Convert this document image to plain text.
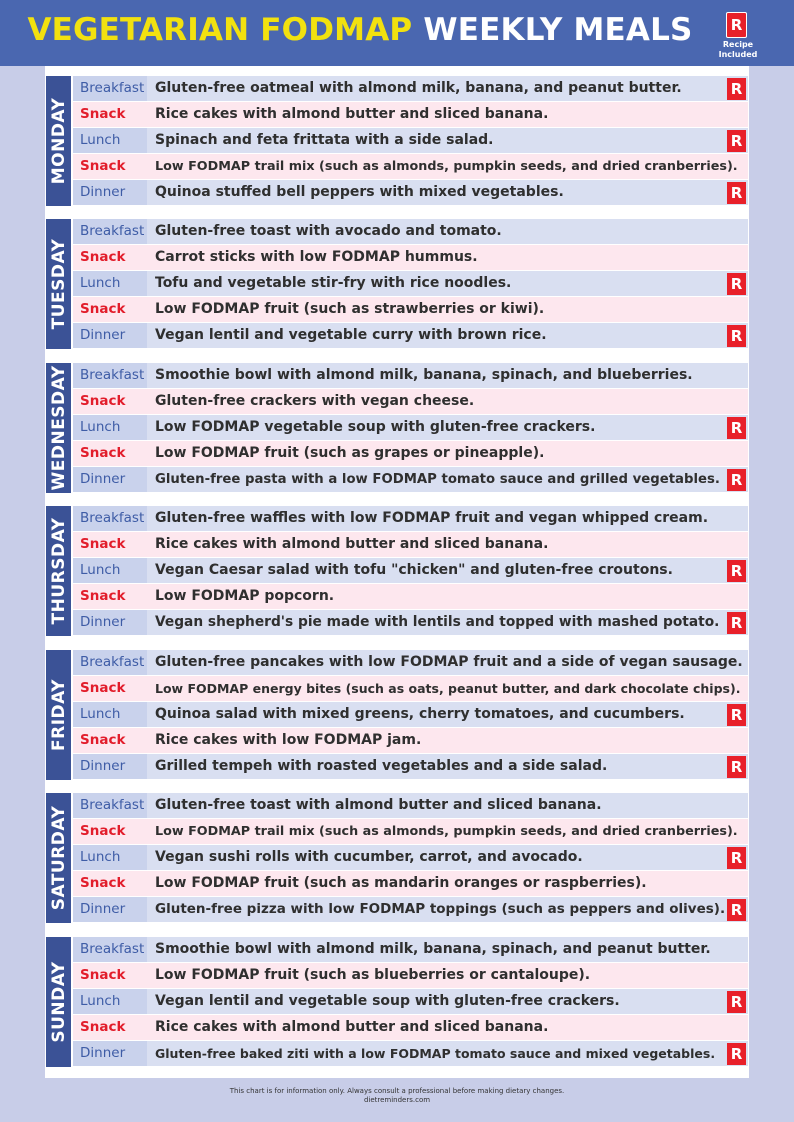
VEGETARIAN FODMAP WEEKLY MEALS	R
Recipe
Included
MONDAY
Breakfast Gluten-free oatmeal with almond milk, banana, and peanut butter.	R
Snack	Rice cakes with almond butter and sliced banana.
Lunch	Spinach and feta frittata with a side salad.	R
Snack	Low FODMAP trail mix (such as almonds, pumpkin seeds, and dried cranberries).
Dinner	Quinoa stuffed bell peppers with mixed vegetables.	R
TUESDAY
Breakfast Gluten-free toast with avocado and tomato.
Snack	Carrot sticks with low FODMAP hummus.
Lunch	Tofu and vegetable stir-fry with rice noodles.	R
Snack	Low FODMAP fruit (such as strawberries or kiwi).
Dinner	Vegan lentil and vegetable curry with brown rice.	R
WEDNESDAY Breakfast Smoothie bowl with almond milk, banana, spinach, and blueberries.
Snack	Gluten-free crackers with vegan cheese.
Lunch	Low FODMAP vegetable soup with gluten-free crackers.	R
Snack	Low FODMAP fruit (such as grapes or pineapple).
Dinner	Gluten-free pasta with a low FODMAP tomato sauce and grilled vegetables. R
THURSDAY Breakfast Gluten-free waffles with low FODMAP fruit and vegan whipped cream.
Snack	Rice cakes with almond butter and sliced banana.
Lunch	Vegan Caesar salad with tofu "chicken" and gluten-free croutons.	R
Snack	Low FODMAP popcorn.
Dinner	Vegan shepherd's pie made with lentils and topped with mashed potato. R
FRIDAY
Breakfast Gluten-free pancakes with low FODMAP fruit and a side of vegan sausage.
Snack	Low FODMAP energy bites (such as oats, peanut butter, and dark chocolate chips).
Lunch	Quinoa salad with mixed greens, cherry tomatoes, and cucumbers.	R
Snack	Rice cakes with low FODMAP jam.
Dinner	Grilled tempeh with roasted vegetables and a side salad.	R
SATURDAY
Breakfast Gluten-free toast with almond butter and sliced banana.
Snack	Low FODMAP trail mix (such as almonds, pumpkin seeds, and dried cranberries).
Lunch	Vegan sushi rolls with cucumber, carrot, and avocado.	R
Snack	Low FODMAP fruit (such as mandarin oranges or raspberries).
Dinner	Gluten-free pizza with low FODMAP toppings (such as peppers and olives). R
SUNDAY
Breakfast Smoothie bowl with almond milk, banana, spinach, and peanut butter.
Snack	Low FODMAP fruit (such as blueberries or cantaloupe).
Lunch	Vegan lentil and vegetable soup with gluten-free crackers.	R
Snack	Rice cakes with almond butter and sliced banana.
Dinner	Gluten-free baked ziti with a low FODMAP tomato sauce and mixed vegetables. R
This chart is for information only. Always consult a professional before making dietary changes.
dietreminders.com
